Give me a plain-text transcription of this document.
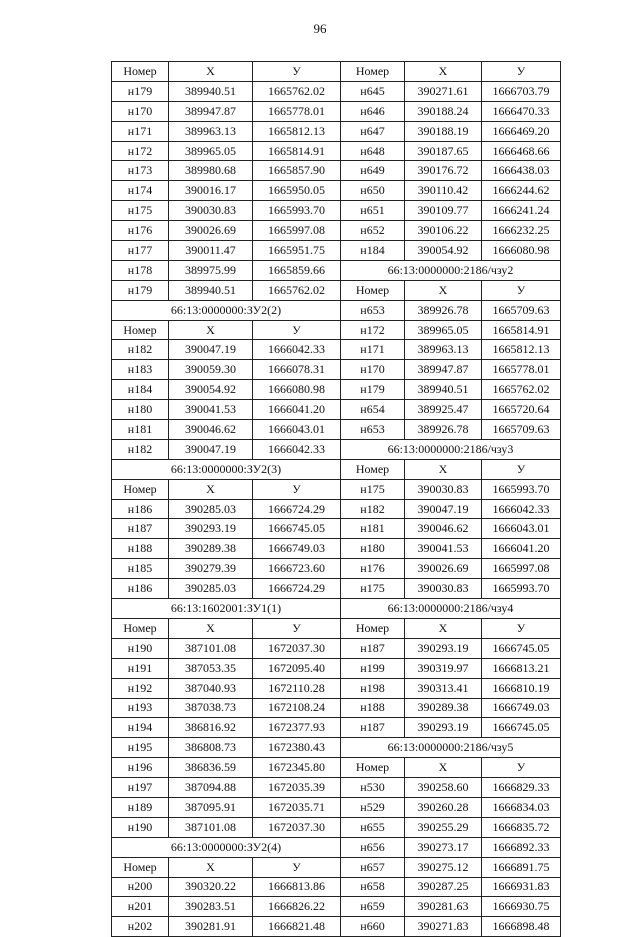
96
Номер	Х	У	Номер	Х	У
н179	389940.51	1665762.02	н645	390271.61	1666703.79
н170	389947.87	1665778.01	н646	390188.24	1666470.33
н171	389963.13	1665812.13	н647	390188.19	1666469.20
н172	389965.05	1665814.91	н648	390187.65	1666468.66
н173	389980.68	1665857.90	н649	390176.72	1666438.03
н174	390016.17	1665950.05	н650	390110.42	1666244.62
н175	390030.83	1665993.70	н651	390109.77	1666241.24
н176	390026.69	1665997.08	н652	390106.22	1666232.25
н177	390011.47	1665951.75	н184	390054.92	1666080.98
н178	389975.99	1665859.66	66:13:0000000:2186/чзу2		
н179	389940.51	1665762.02	Номер	Х	У
66:13:0000000:ЗУ2(2)			н653	389926.78	1665709.63
Номер	Х	У	н172	389965.05	1665814.91
н182	390047.19	1666042.33	н171	389963.13	1665812.13
н183	390059.30	1666078.31	н170	389947.87	1665778.01
н184	390054.92	1666080.98	н179	389940.51	1665762.02
н180	390041.53	1666041.20	н654	389925.47	1665720.64
н181	390046.62	1666043.01	н653	389926.78	1665709.63
н182	390047.19	1666042.33	66:13:0000000:2186/чзу3		
66:13:0000000:ЗУ2(3)			Номер	Х	У
Номер	Х	У	н175	390030.83	1665993.70
н186	390285.03	1666724.29	н182	390047.19	1666042.33
н187	390293.19	1666745.05	н181	390046.62	1666043.01
н188	390289.38	1666749.03	н180	390041.53	1666041.20
н185	390279.39	1666723.60	н176	390026.69	1665997.08
н186	390285.03	1666724.29	н175	390030.83	1665993.70
66:13:1602001:ЗУ1(1)			66:13:0000000:2186/чзу4		
Номер	Х	У	Номер	Х	У
н190	387101.08	1672037.30	н187	390293.19	1666745.05
н191	387053.35	1672095.40	н199	390319.97	1666813.21
н192	387040.93	1672110.28	н198	390313.41	1666810.19
н193	387038.73	1672108.24	н188	390289.38	1666749.03
н194	386816.92	1672377.93	н187	390293.19	1666745.05
н195	386808.73	1672380.43	66:13:0000000:2186/чзу5		
н196	386836.59	1672345.80	Номер	Х	У
н197	387094.88	1672035.39	н530	390258.60	1666829.33
н189	387095.91	1672035.71	н529	390260.28	1666834.03
н190	387101.08	1672037.30	н655	390255.29	1666835.72
66:13:0000000:ЗУ2(4)			н656	390273.17	1666892.33
Номер	Х	У	н657	390275.12	1666891.75
н200	390320.22	1666813.86	н658	390287.25	1666931.83
н201	390283.51	1666826.22	н659	390281.63	1666930.75
н202	390281.91	1666821.48	н660	390271.83	1666898.48
